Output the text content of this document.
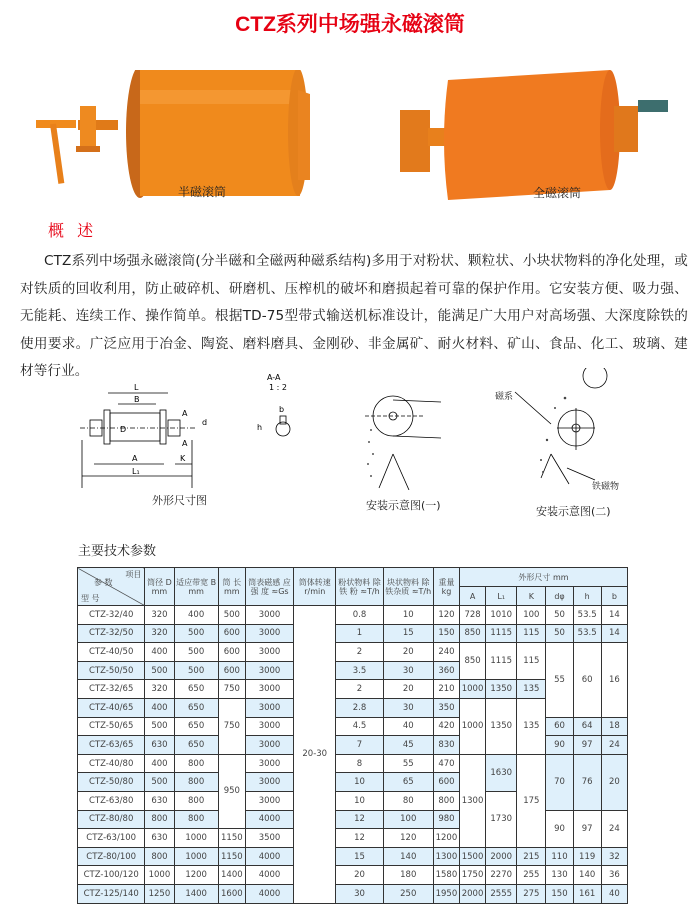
CTZ系列中场强永磁滚筒
半磁滚筒	全磁滚筒
概 述
CTZ系列中场强永磁滚筒(分半磁和全磁两种磁系结构)多用于对粉状、颗粒状、小块状物料的净化处理，或对铁质的回收利用，防止破碎机、研磨机、压榨机的破坏和磨损起着可靠的保护作用。它安装方便、吸力强、无能耗、连续工作、操作简单。根据TD-75型带式输送机标准设计，能满足广大用户对高场强、大深度除铁的使用要求。广泛应用于冶金、陶瓷、磨料磨具、金刚砂、非金属矿、耐火材料、矿山、食品、化工、玻璃、建材等行业。
L
B
D
A
L₁
K
d
A
A
外形尺寸图
A-A
1 : 2
b
h
安装示意图(一)
磁系
铁磁物
安装示意图(二)
主要技术参数
项目
参 数
型 号	筒径 D mm	适应带宽 B mm	筒 长 mm	筒表磁感 应 强 度 ≈Gs	筒体转速 r/min	粉状物料 除 铁 粉 ≈T/h	块状物料 除铁杂质 ≈T/h	重量 kg	外形尺寸 mm					
									A	L₁	K	dφ	h	b
CTZ-32/40	320	400	500	3000	20-30	0.8	10	120	728	1010	100	50	53.5	14
CTZ-32/50	320	500	600	3000		1	15	150	850	1115	115	50	53.5	14
CTZ-40/50	400	500	600	3000		2	20	240	850	1115	115	55	60	16
CTZ-50/50	500	500	600	3000		3.5	30	360						
CTZ-32/65	320	650	750	3000		2	20	210	1000	1350	135			
CTZ-40/65	400	650	750	3000		2.8	30	350	1000	1350	135			
CTZ-50/65	500	650		3000		4.5	40	420				60	64	18
CTZ-63/65	630	650		3000		7	45	830				90	97	24
CTZ-40/80	400	800	950	3000		8	55	470	1300	1630	175	70	76	20
CTZ-50/80	500	800		3000		10	65	600						
CTZ-63/80	630	800		3000		10	80	800		1730				
CTZ-80/80	800	800		4000		12	100	980				90	97	24
CTZ-63/100	630	1000	1150	3500		12	120	1200						
CTZ-80/100	800	1000	1150	4000		15	140	1300	1500	2000	215	110	119	32
CTZ-100/120	1000	1200	1400	4000		20	180	1580	1750	2270	255	130	140	36
CTZ-125/140	1250	1400	1600	4000		30	250	1950	2000	2555	275	150	161	40
